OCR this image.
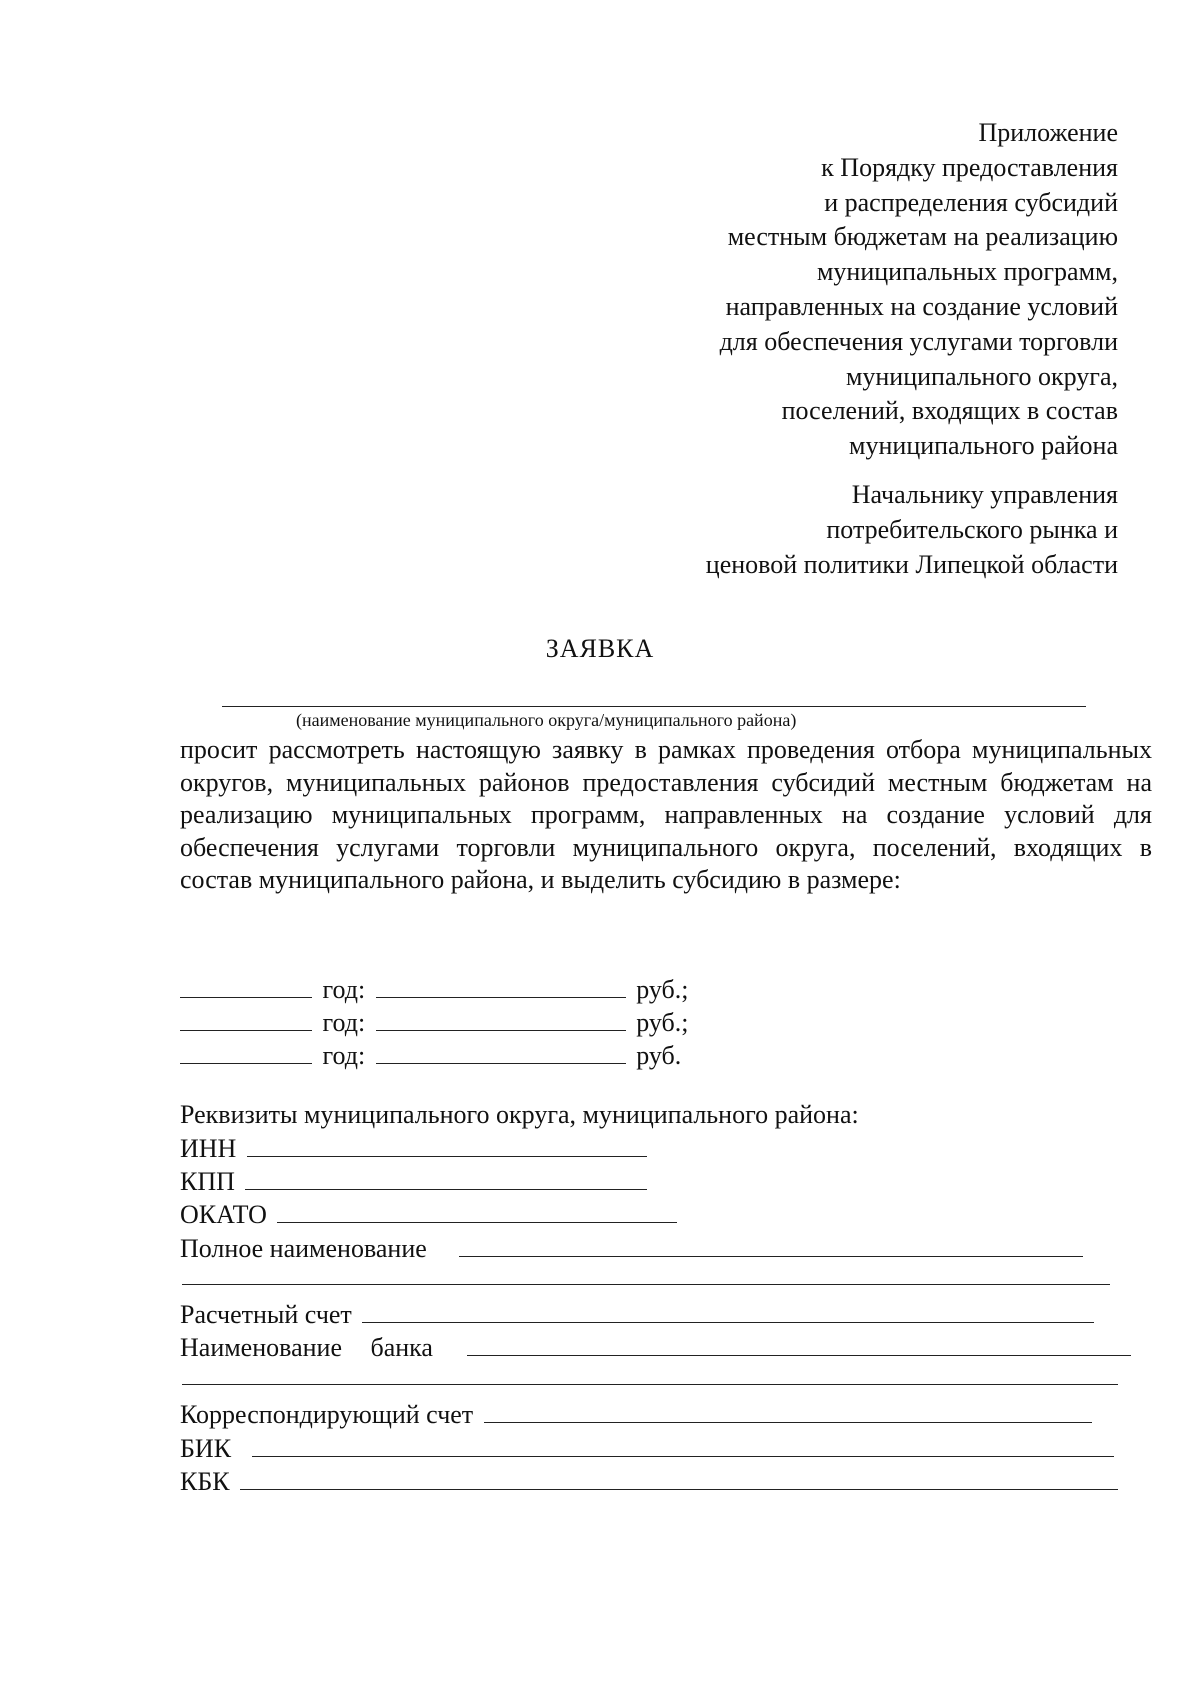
Приложение
к Порядку предоставления
и распределения субсидий
местным бюджетам на реализацию
муниципальных программ,
направленных на создание условий
для обеспечения услугами торговли
муниципального округа,
поселений, входящих в состав
муниципального района
Начальнику управления
потребительского рынка и
ценовой политики Липецкой области
ЗАЯВКА
(наименование муниципального округа/муниципального района)

просит рассмотреть настоящую заявку в рамках проведения отбора муниципальных округов, муниципальных районов предоставления субсидий местным бюджетам на реализацию муниципальных программ, направленных на создание условий для обеспечения услугами торговли муниципального округа, поселений, входящих в состав муниципального района, и выделить субсидию в размере:

год:	руб.;
год:	руб.;
год:	руб.
Реквизиты муниципального округа, муниципального района:
ИНН
КПП
ОКАТО
Полное наименование
Расчетный счет
Наименование банка
Корреспондирующий счет
БИК
КБК
